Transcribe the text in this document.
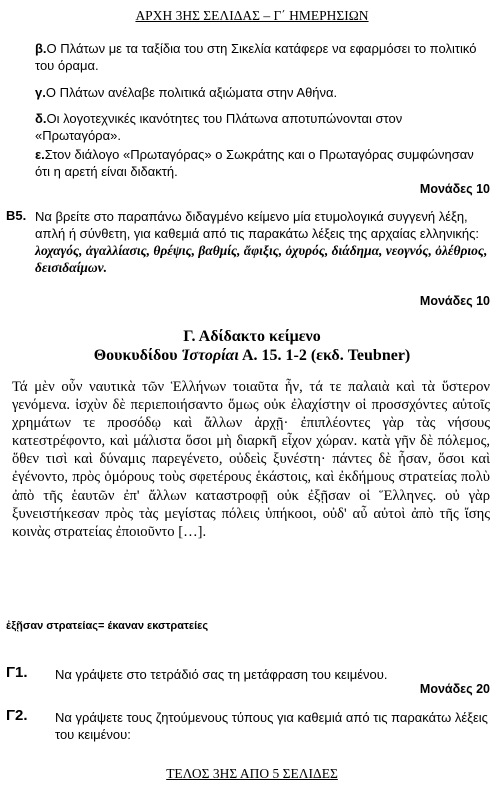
ΑΡΧΗ 3ΗΣ ΣΕΛΙΔΑΣ – Γ΄ ΗΜΕΡΗΣΙΩΝ
β.Ο Πλάτων με τα ταξίδια του στη Σικελία κατάφερε να εφαρμόσει το πολιτικό του όραμα.
γ.Ο Πλάτων ανέλαβε πολιτικά αξιώματα στην Αθήνα.
δ.Οι λογοτεχνικές ικανότητες του Πλάτωνα αποτυπώνονται στον «Πρωταγόρα».
ε.Στον διάλογο «Πρωταγόρας» ο Σωκράτης και ο Πρωταγόρας συμφώνησαν ότι η αρετή είναι διδακτή.
Μονάδες 10
Β5. Να βρείτε στο παραπάνω διδαγμένο κείμενο μία ετυμολογικά συγγενή λέξη, απλή ή σύνθετη, για καθεμιά από τις παρακάτω λέξεις της αρχαίας ελληνικής:
λοχαγός, ἀγαλλίασις, θρέψις, βαθμίς, ἄφιξις, ὀχυρός, διάδημα, νεογνός, ὀλέθριος, δεισιδαίμων.
Μονάδες 10
Γ. Αδίδακτο κείμενο
Θουκυδίδου Ἱστορίαι Α. 15. 1-2 (εκδ. Teubner)
Τά μὲν οὖν ναυτικὰ τῶν Ἑλλήνων τοιαῦτα ἦν, τά τε παλαιὰ καὶ τὰ ὕστερον γενόμενα. ἰσχὺν δὲ περιεποιήσαντο ὅμως οὐκ ἐλαχίστην οἱ προσσχόντες αὐτοῖς χρημάτων τε προσόδῳ καὶ ἄλλων ἀρχῇ· ἐπιπλέοντες γὰρ τὰς νήσους κατεστρέφοντο, καὶ μάλιστα ὅσοι μὴ διαρκῆ εἶχον χώραν. κατὰ γῆν δὲ πόλεμος, ὅθεν τισὶ καὶ δύναμις παρεγένετο, οὐδεὶς ξυνέστη· πάντες δὲ ἦσαν, ὅσοι καὶ ἐγένοντο, πρὸς ὁμόρους τοὺς σφετέρους ἑκάστοις, καὶ ἐκδήμους στρατείας πολὺ ἀπὸ τῆς ἑαυτῶν ἐπ' ἄλλων καταστροφῇ οὐκ ἐξῇσαν οἱ Ἕλληνες. οὐ γὰρ ξυνειστήκεσαν πρὸς τὰς μεγίστας πόλεις ὑπήκοοι, οὐδ' αὖ αὐτοὶ ἀπὸ τῆς ἴσης κοινὰς στρατείας ἐποιοῦντο […].
ἐξῇσαν στρατείας= έκαναν εκστρατείες
Γ1. Να γράψετε στο τετράδιό σας τη μετάφραση του κειμένου.
Μονάδες 20
Γ2. Να γράψετε τους ζητούμενους τύπους για καθεμιά από τις παρακάτω λέξεις του κειμένου:
ΤΕΛΟΣ 3ΗΣ ΑΠΟ 5 ΣΕΛΙΔΕΣ
